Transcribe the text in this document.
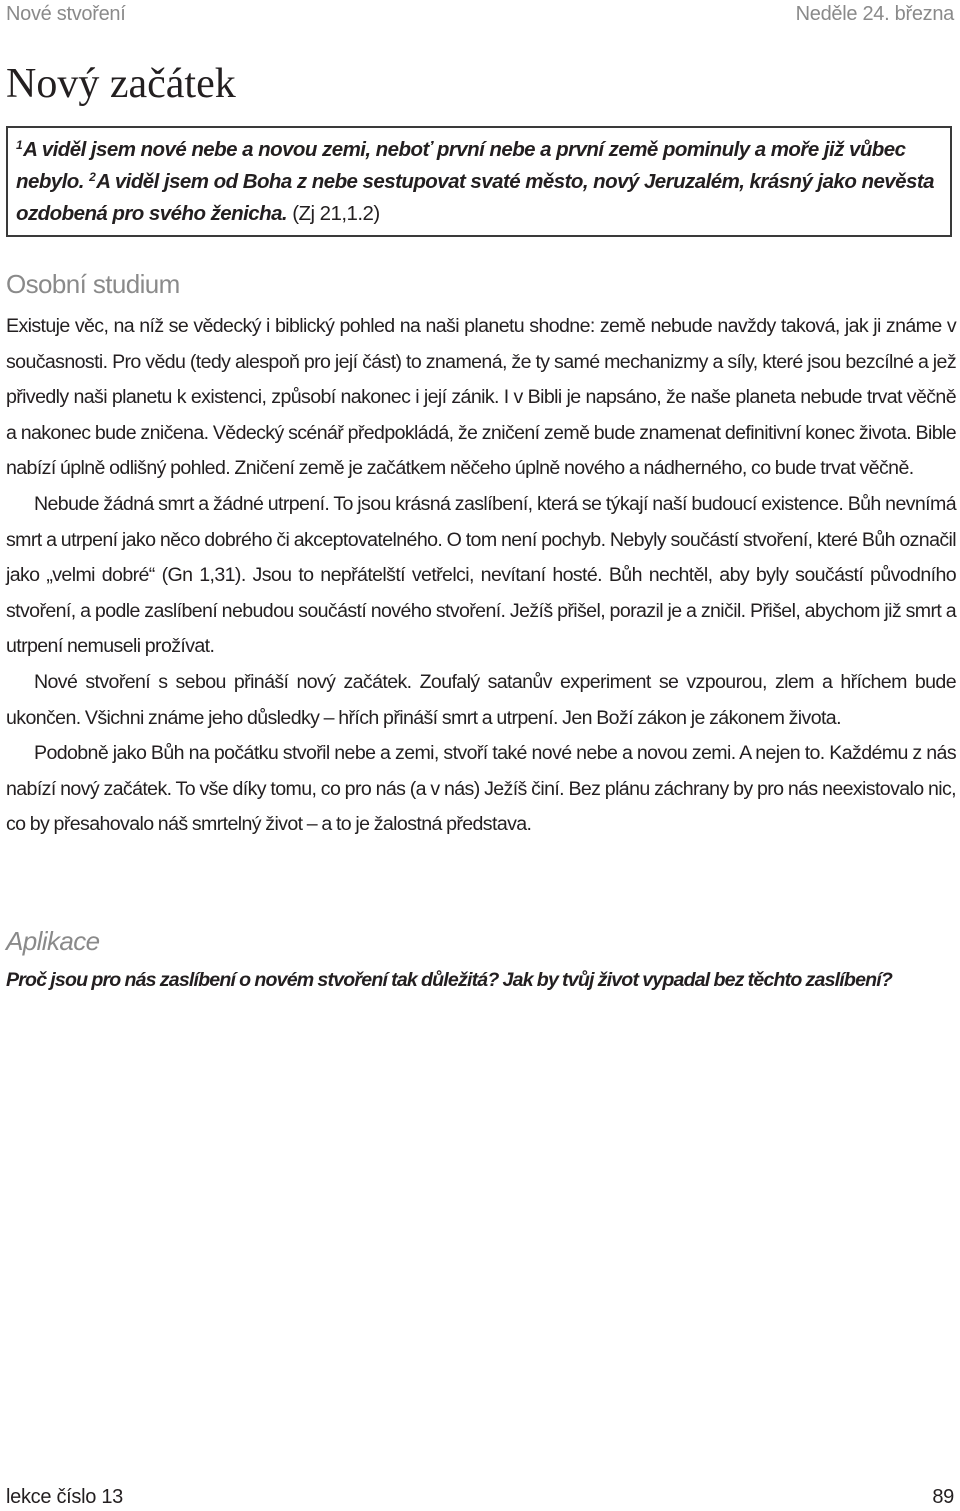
Nové stvoření	Neděle 24. března
Nový začátek
$^1$A viděl jsem nové nebe a novou zemi, neboť první nebe a první země pominuly a moře již vůbec nebylo. $^2$A viděl jsem od Boha z nebe sestupovat svaté město, nový Jeruzalém, krásný jako nevěsta ozdobená pro svého ženicha. (Zj 21,1.2)
Osobní studium

Existuje věc, na níž se vědecký i biblický pohled na naši planetu shodne: země nebude navždy taková, jak ji známe v současnosti. Pro vědu (tedy alespoň pro její část) to znamená, že ty samé mechanizmy a síly, které jsou bezcílné a jež přivedly naši planetu k existenci, způsobí nakonec i její zánik. I v Bibli je napsáno, že naše planeta nebude trvat věčně a nakonec bude zničena. Vědecký scénář předpokládá, že zničení země bude znamenat definitivní konec života. Bible nabízí úplně odlišný pohled. Zničení země je začátkem něčeho úplně nového a nádherného, co bude trvat věčně.

Nebude žádná smrt a žádné utrpení. To jsou krásná zaslíbení, která se týkají naší budoucí existence. Bůh nevnímá smrt a utrpení jako něco dobrého či akceptovatelného. O tom není pochyb. Nebyly součástí stvoření, které Bůh označil jako „velmi dobré“ (Gn 1,31). Jsou to nepřátelští vetřelci, nevítaní hosté. Bůh nechtěl, aby byly součástí původního stvoření, a podle zaslíbení nebudou součástí nového stvoření. Ježíš přišel, porazil je a zničil. Přišel, abychom již smrt a utrpení nemuseli prožívat.

Nové stvoření s sebou přináší nový začátek. Zoufalý satanův experiment se vzpourou, zlem a hříchem bude ukončen. Všichni známe jeho důsledky – hřích přináší smrt a utrpení. Jen Boží zákon je zákonem života.

Podobně jako Bůh na počátku stvořil nebe a zemi, stvoří také nové nebe a novou zemi. A nejen to. Každému z nás nabízí nový začátek. To vše díky tomu, co pro nás (a v nás) Ježíš činí. Bez plánu záchrany by pro nás neexistovalo nic, co by přesahovalo náš smrtelný život – a to je žalostná představa.

Aplikace
Proč jsou pro nás zaslíbení o novém stvoření tak důležitá? Jak by tvůj život vypadal bez těchto zaslíbení?
lekce číslo 13	89
